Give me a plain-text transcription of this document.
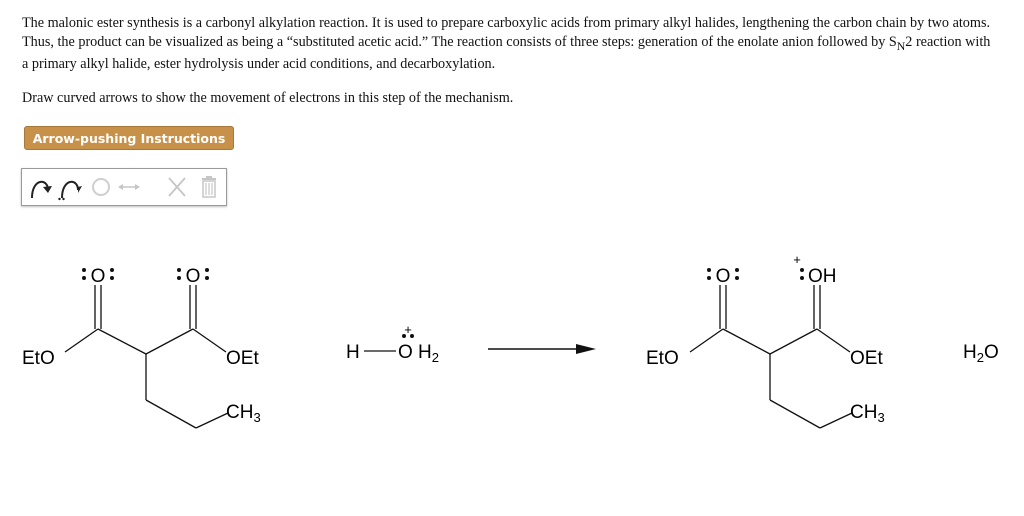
The malonic ester synthesis is a carbonyl alkylation reaction. It is used to prepare carboxylic acids from primary alkyl halides, lengthening the carbon chain by two atoms. Thus, the product can be visualized as being a “substituted acetic acid.” The reaction consists of three steps: generation of the enolate anion followed by $S_N2$ reaction with a primary alkyl halide, ester hydrolysis under acid conditions, and decarboxylation.

Draw curved arrows to show the movement of electrons in this step of the mechanism.

Arrow-pushing Instructions
EtO	OEt
$CH_3$
O	O
H O
+
$H_2$	EtO	OEt
$CH_3$
O	OH
+
$H_2O$
